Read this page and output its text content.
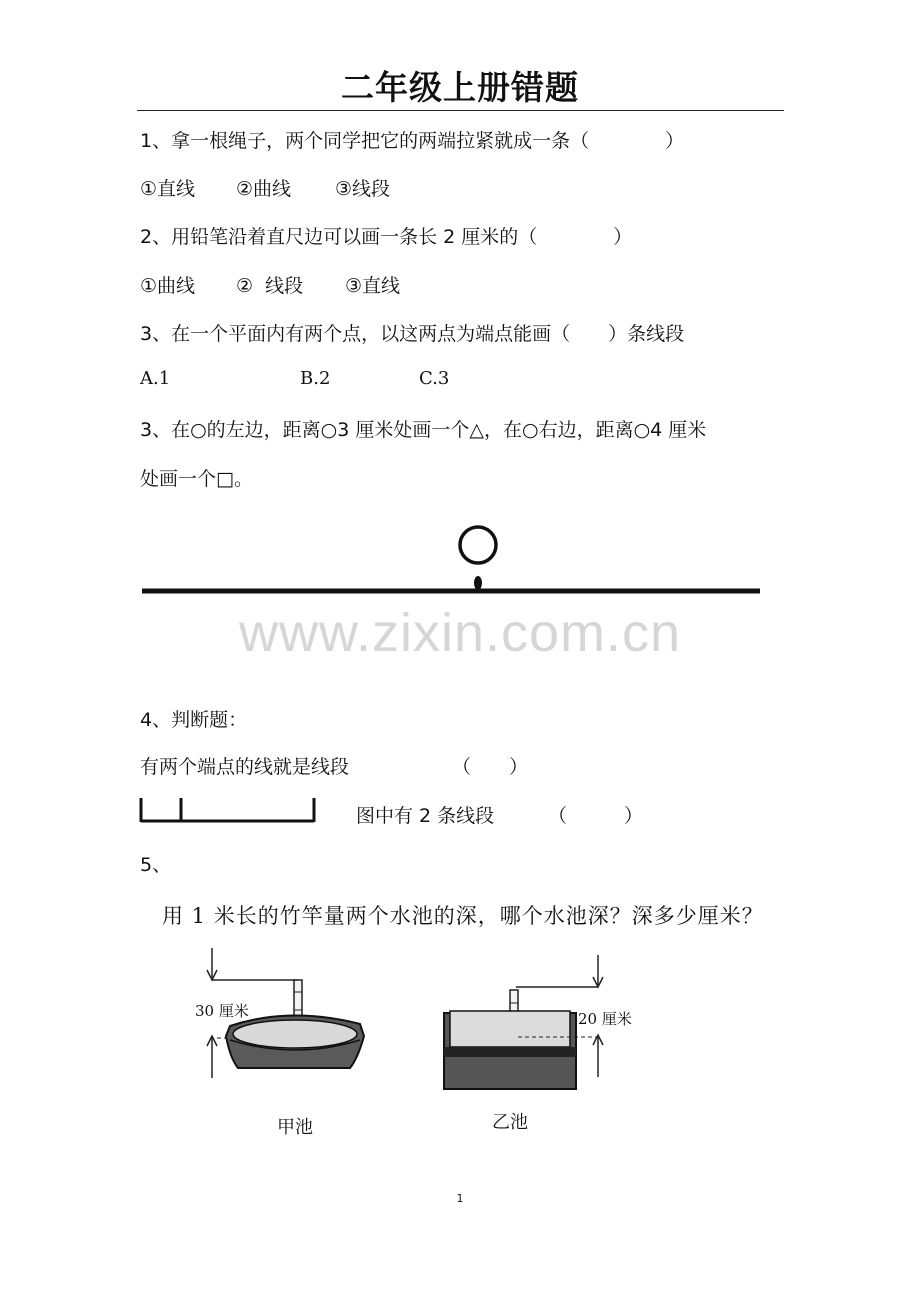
二年级上册错题
1、拿一根绳子，两个同学把它的两端拉紧就成一条（　　　　）
①直线 ②曲线 ③线段
2、用铅笔沿着直尺边可以画一条长 2 厘米的（　　　　）
①曲线 ②  线段 ③直线
3、在一个平面内有两个点，以这两点为端点能画（　　）条线段
A.1	B.2	C.3
3、在○的左边，距离○3 厘米处画一个△，在○右边，距离○4 厘米
处画一个□。
www.zixin.com.cn
4、判断题：
有两个端点的线就是线段	（　　）
图中有 2 条线段	（　　　）
5、
用 1 米长的竹竿量两个水池的深，哪个水池深？深多少厘米？
30 厘米
甲池
20 厘米
乙池
1
